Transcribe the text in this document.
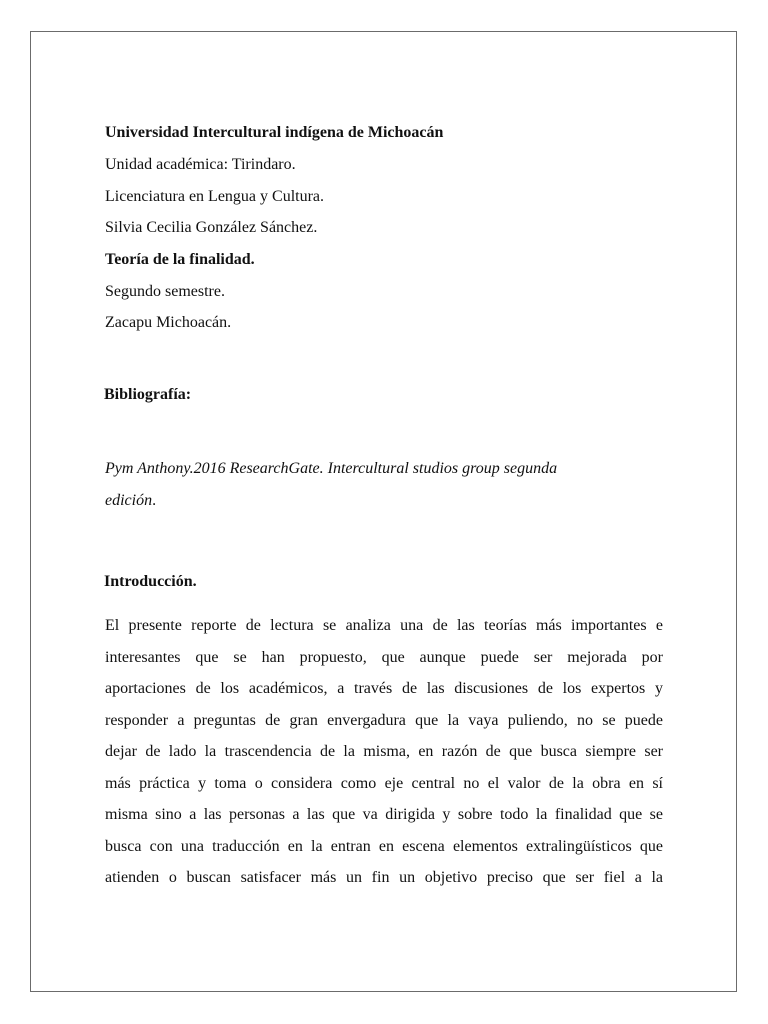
Universidad Intercultural indígena de Michoacán
Unidad académica: Tirindaro.
Licenciatura en Lengua y Cultura.
Silvia Cecilia González Sánchez.
Teoría de la finalidad.
Segundo semestre.
Zacapu Michoacán.
Bibliografía:
Pym Anthony.2016 ResearchGate. Intercultural studios group segunda
edición.
Introducción.
El presente reporte de lectura se analiza una de las teorías más importantes e
interesantes que se han propuesto, que aunque puede ser mejorada por
aportaciones de los académicos, a través de las discusiones de los expertos y
responder a preguntas de gran envergadura que la vaya puliendo, no se puede
dejar de lado la trascendencia de la misma, en razón de que busca siempre ser
más práctica y toma o considera como eje central no el valor de la obra en sí
misma sino a las personas a las que va dirigida y sobre todo la finalidad que se
busca con una traducción en la entran en escena elementos extralingüísticos que
atienden o buscan satisfacer más un fin un objetivo preciso que ser fiel a la
